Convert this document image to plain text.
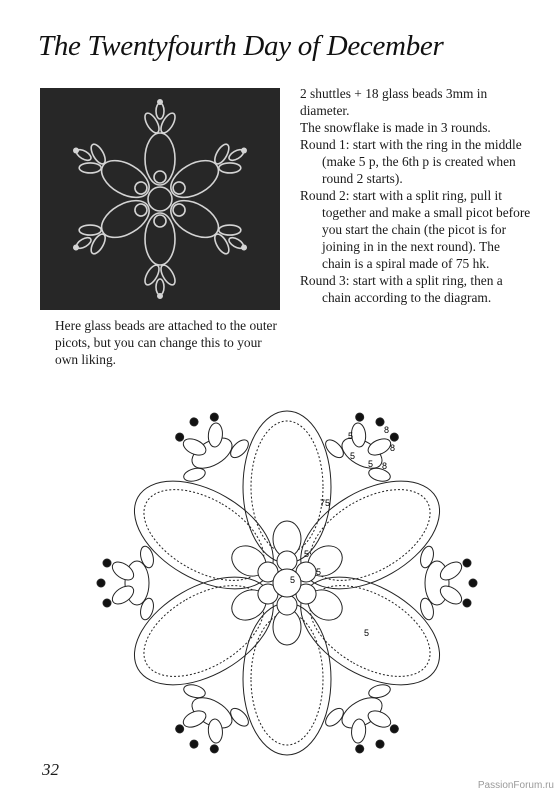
The Twentyfourth Day of December
Here glass beads are attached to the outer picots, but you can change this to your own liking.

2 shuttles + 18 glass beads 3mm in diameter.

The snowflake is made in 3 rounds.

Round 1: start with the ring in the middle (make 5 p, the 6th p is created when round 2 starts).

Round 2: start with a split ring, pull it together and make a small picot before you start the chain (the picot is for joining in in the next round). The chain is a spiral made of 75 hk.

Round 3: start with a split ring, then a chain according to the diagram.

75
5
5
5
5
5
5
5
8
8
8
32
PassionForum.ru
